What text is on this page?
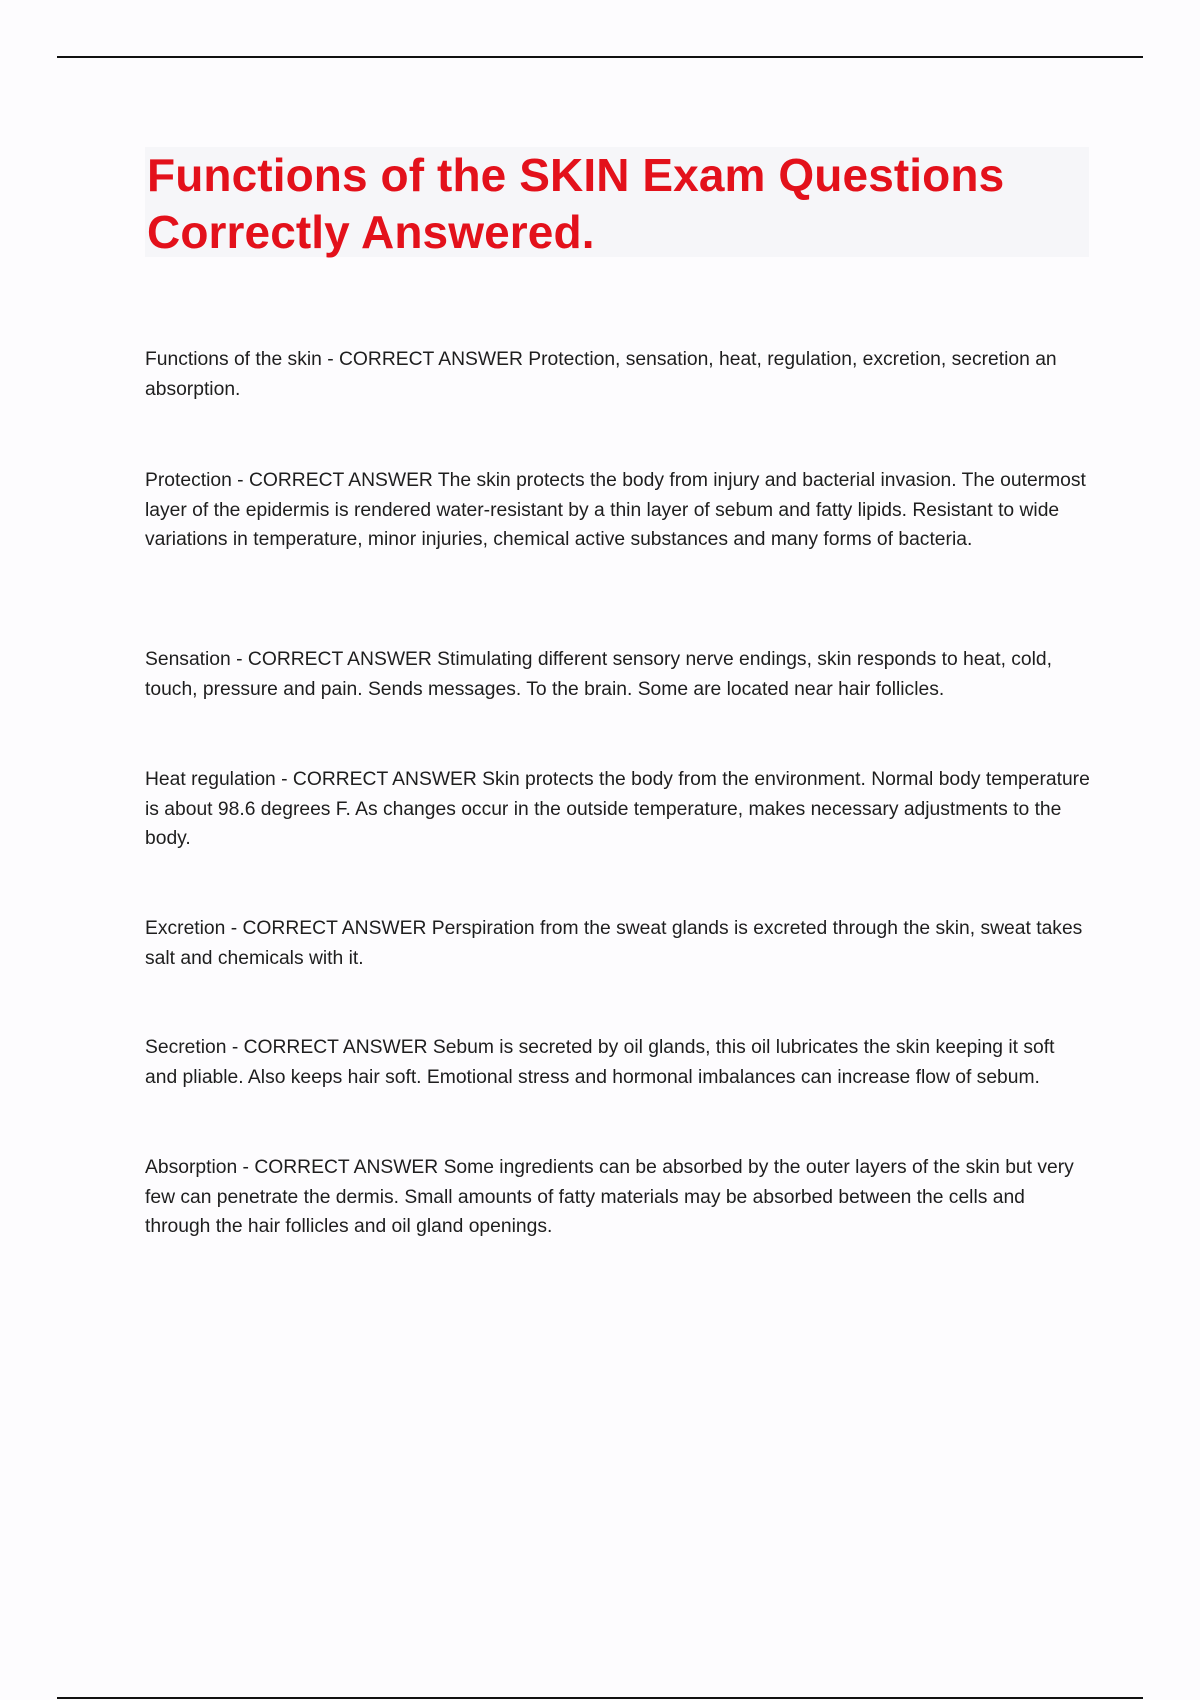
Functions of the SKIN Exam Questions Correctly Answered.

Functions of the skin - CORRECT ANSWER Protection, sensation, heat, regulation, excretion, secretion an absorption.

Protection - CORRECT ANSWER The skin protects the body from injury and bacterial invasion. The outermost layer of the epidermis is rendered water-resistant by a thin layer of sebum and fatty lipids. Resistant to wide variations in temperature, minor injuries, chemical active substances and many forms of bacteria.

Sensation - CORRECT ANSWER Stimulating different sensory nerve endings, skin responds to heat, cold, touch, pressure and pain. Sends messages. To the brain. Some are located near hair follicles.

Heat regulation - CORRECT ANSWER Skin protects the body from the environment. Normal body temperature is about 98.6 degrees F. As changes occur in the outside temperature, makes necessary adjustments to the body.

Excretion - CORRECT ANSWER Perspiration from the sweat glands is excreted through the skin, sweat takes salt and chemicals with it.

Secretion - CORRECT ANSWER Sebum is secreted by oil glands, this oil lubricates the skin keeping it soft and pliable. Also keeps hair soft. Emotional stress and hormonal imbalances can increase flow of sebum.

Absorption - CORRECT ANSWER Some ingredients can be absorbed by the outer layers of the skin but very few can penetrate the dermis. Small amounts of fatty materials may be absorbed between the cells and through the hair follicles and oil gland openings.
